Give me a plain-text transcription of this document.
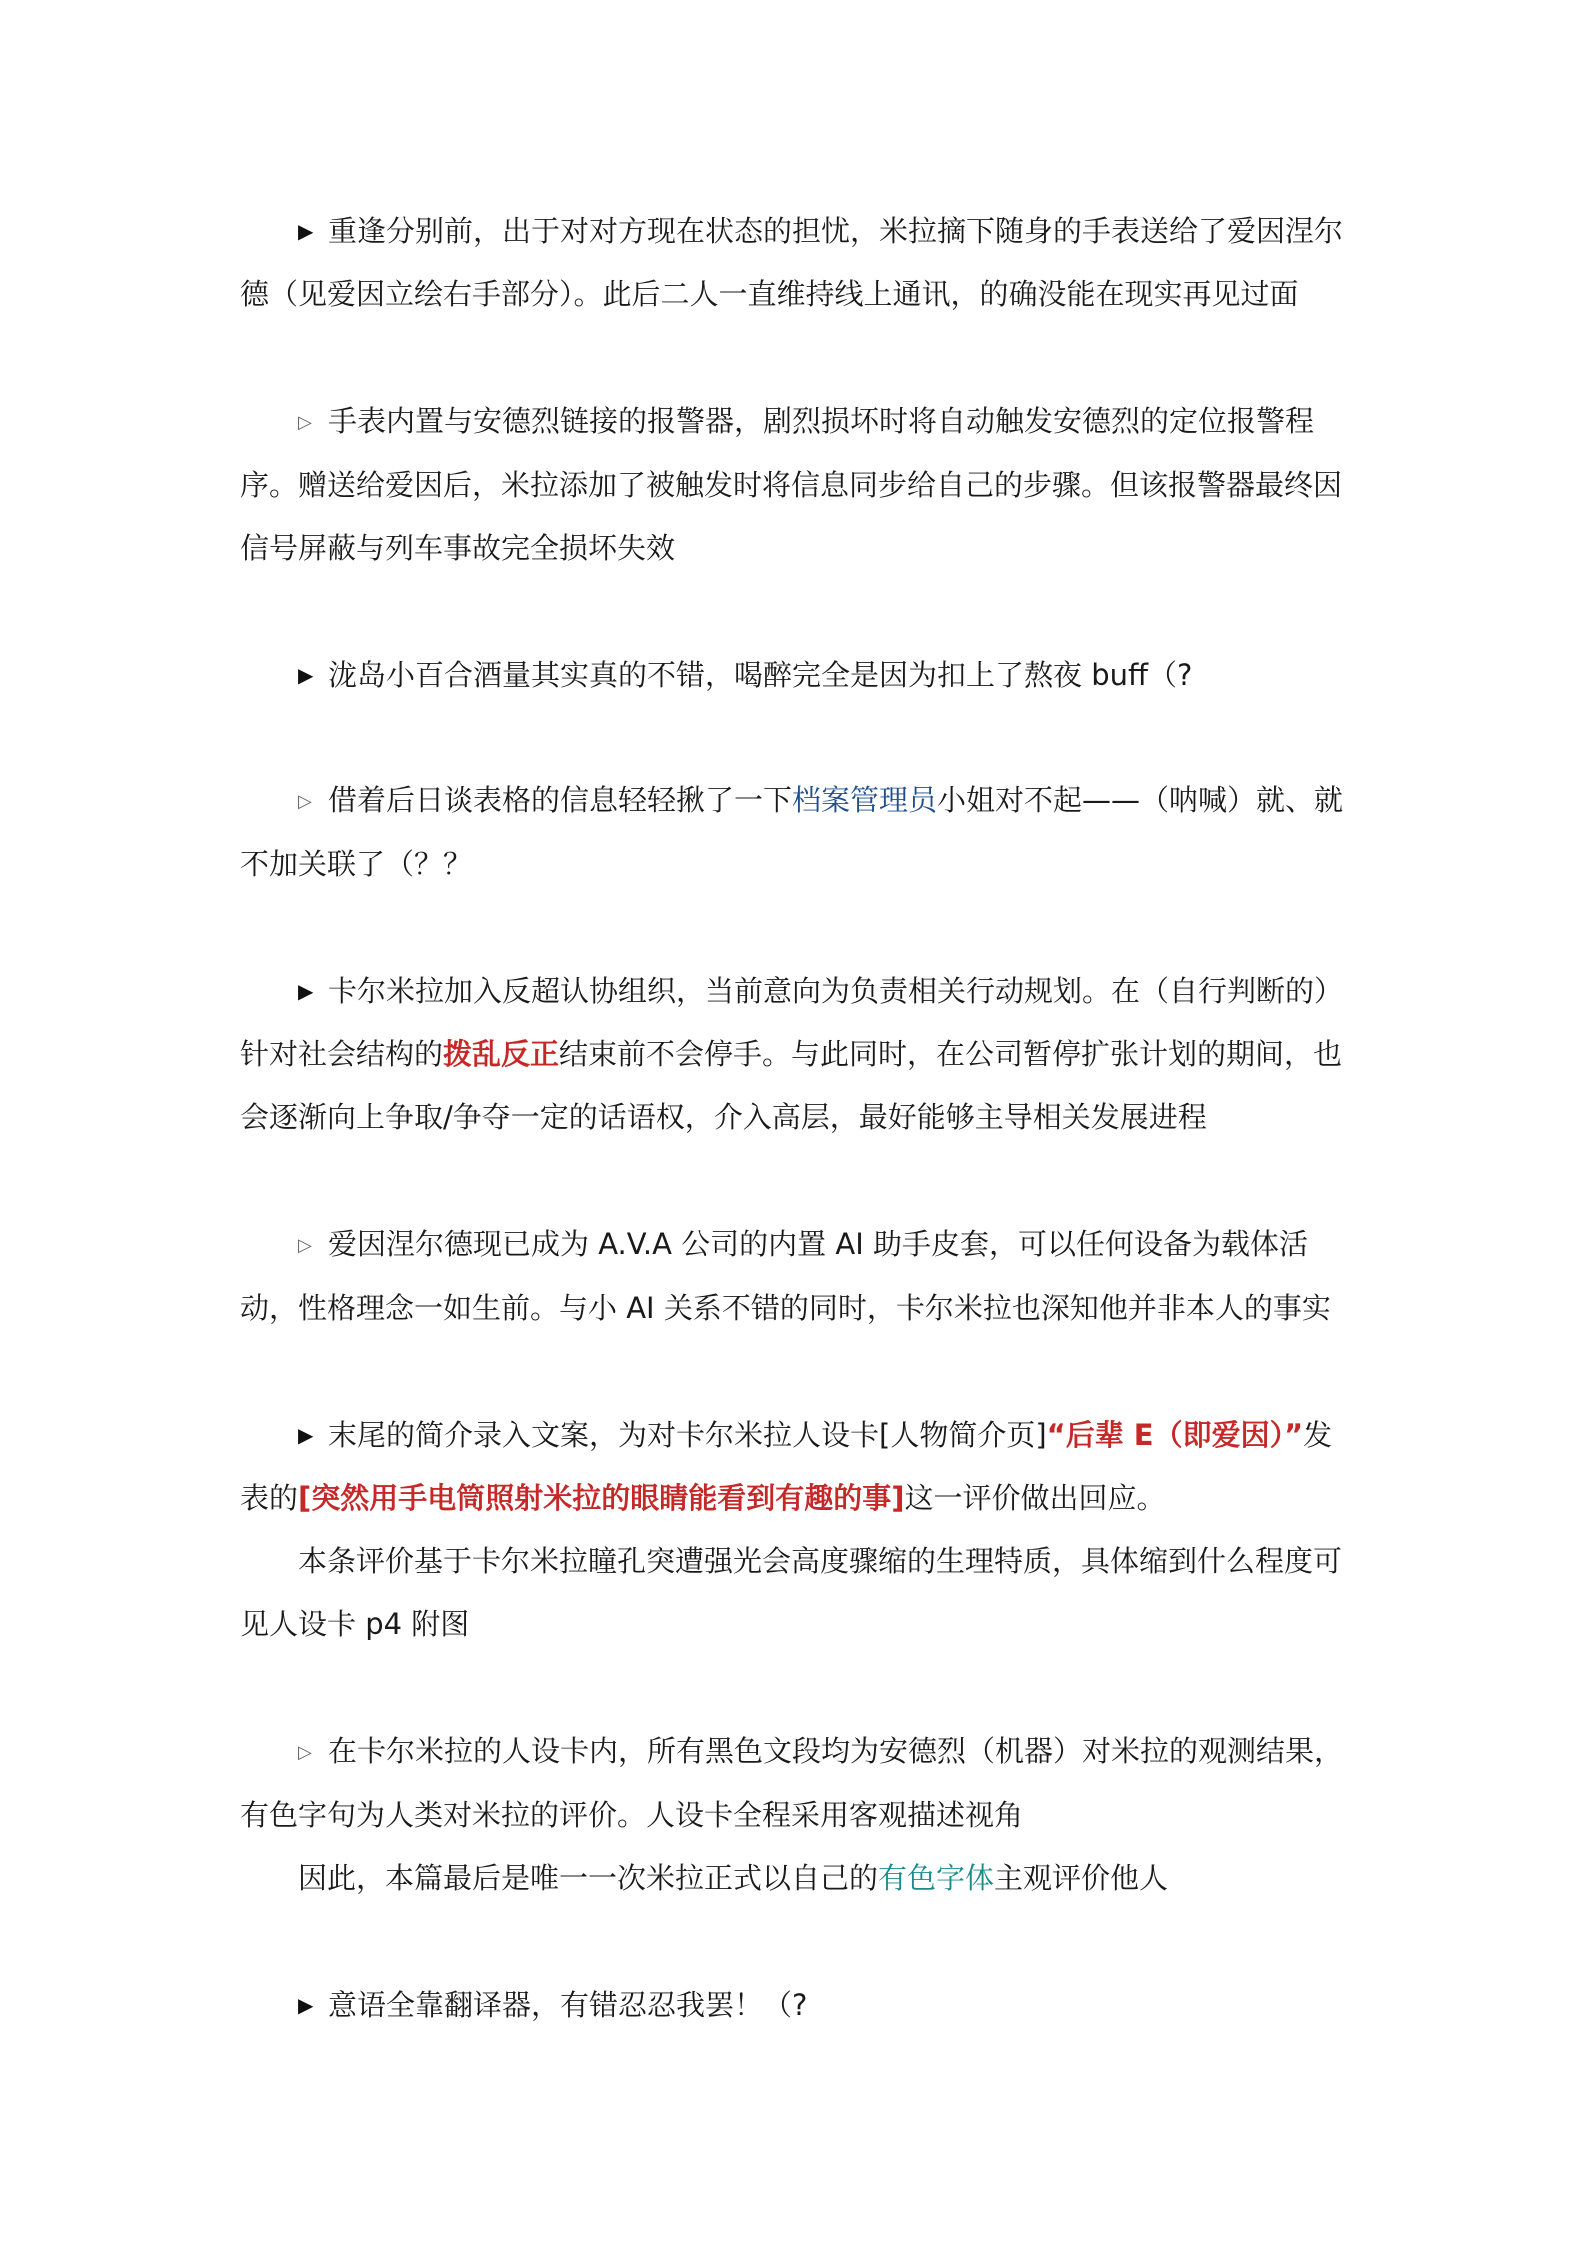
▶ 重逢分别前，出于对对方现在状态的担忧，米拉摘下随身的手表送给了爱因涅尔德（见爱因立绘右手部分）。此后二人一直维持线上通讯，的确没能在现实再见过面

▷ 手表内置与安德烈链接的报警器，剧烈损坏时将自动触发安德烈的定位报警程序。赠送给爱因后，米拉添加了被触发时将信息同步给自己的步骤。但该报警器最终因信号屏蔽与列车事故完全损坏失效

▶ 泷岛小百合酒量其实真的不错，喝醉完全是因为扣上了熬夜 buff（?

▷ 借着后日谈表格的信息轻轻揪了一下档案管理员小姐对不起——（呐喊）就、就不加关联了（？？

▶ 卡尔米拉加入反超认协组织，当前意向为负责相关行动规划。在（自行判断的）针对社会结构的拨乱反正结束前不会停手。与此同时，在公司暂停扩张计划的期间，也会逐渐向上争取/争夺一定的话语权，介入高层，最好能够主导相关发展进程

▷ 爱因涅尔德现已成为 A.V.A 公司的内置 AI 助手皮套，可以任何设备为载体活动，性格理念一如生前。与小 AI 关系不错的同时，卡尔米拉也深知他并非本人的事实

▶ 末尾的简介录入文案，为对卡尔米拉人设卡[人物简介页]“后辈 E（即爱因）”发表的[突然用手电筒照射米拉的眼睛能看到有趣的事]这一评价做出回应。

本条评价基于卡尔米拉瞳孔突遭强光会高度骤缩的生理特质，具体缩到什么程度可见人设卡 p4 附图

▷ 在卡尔米拉的人设卡内，所有黑色文段均为安德烈（机器）对米拉的观测结果，有色字句为人类对米拉的评价。人设卡全程采用客观描述视角

因此，本篇最后是唯一一次米拉正式以自己的有色字体主观评价他人

▶ 意语全靠翻译器，有错忍忍我罢！（?
